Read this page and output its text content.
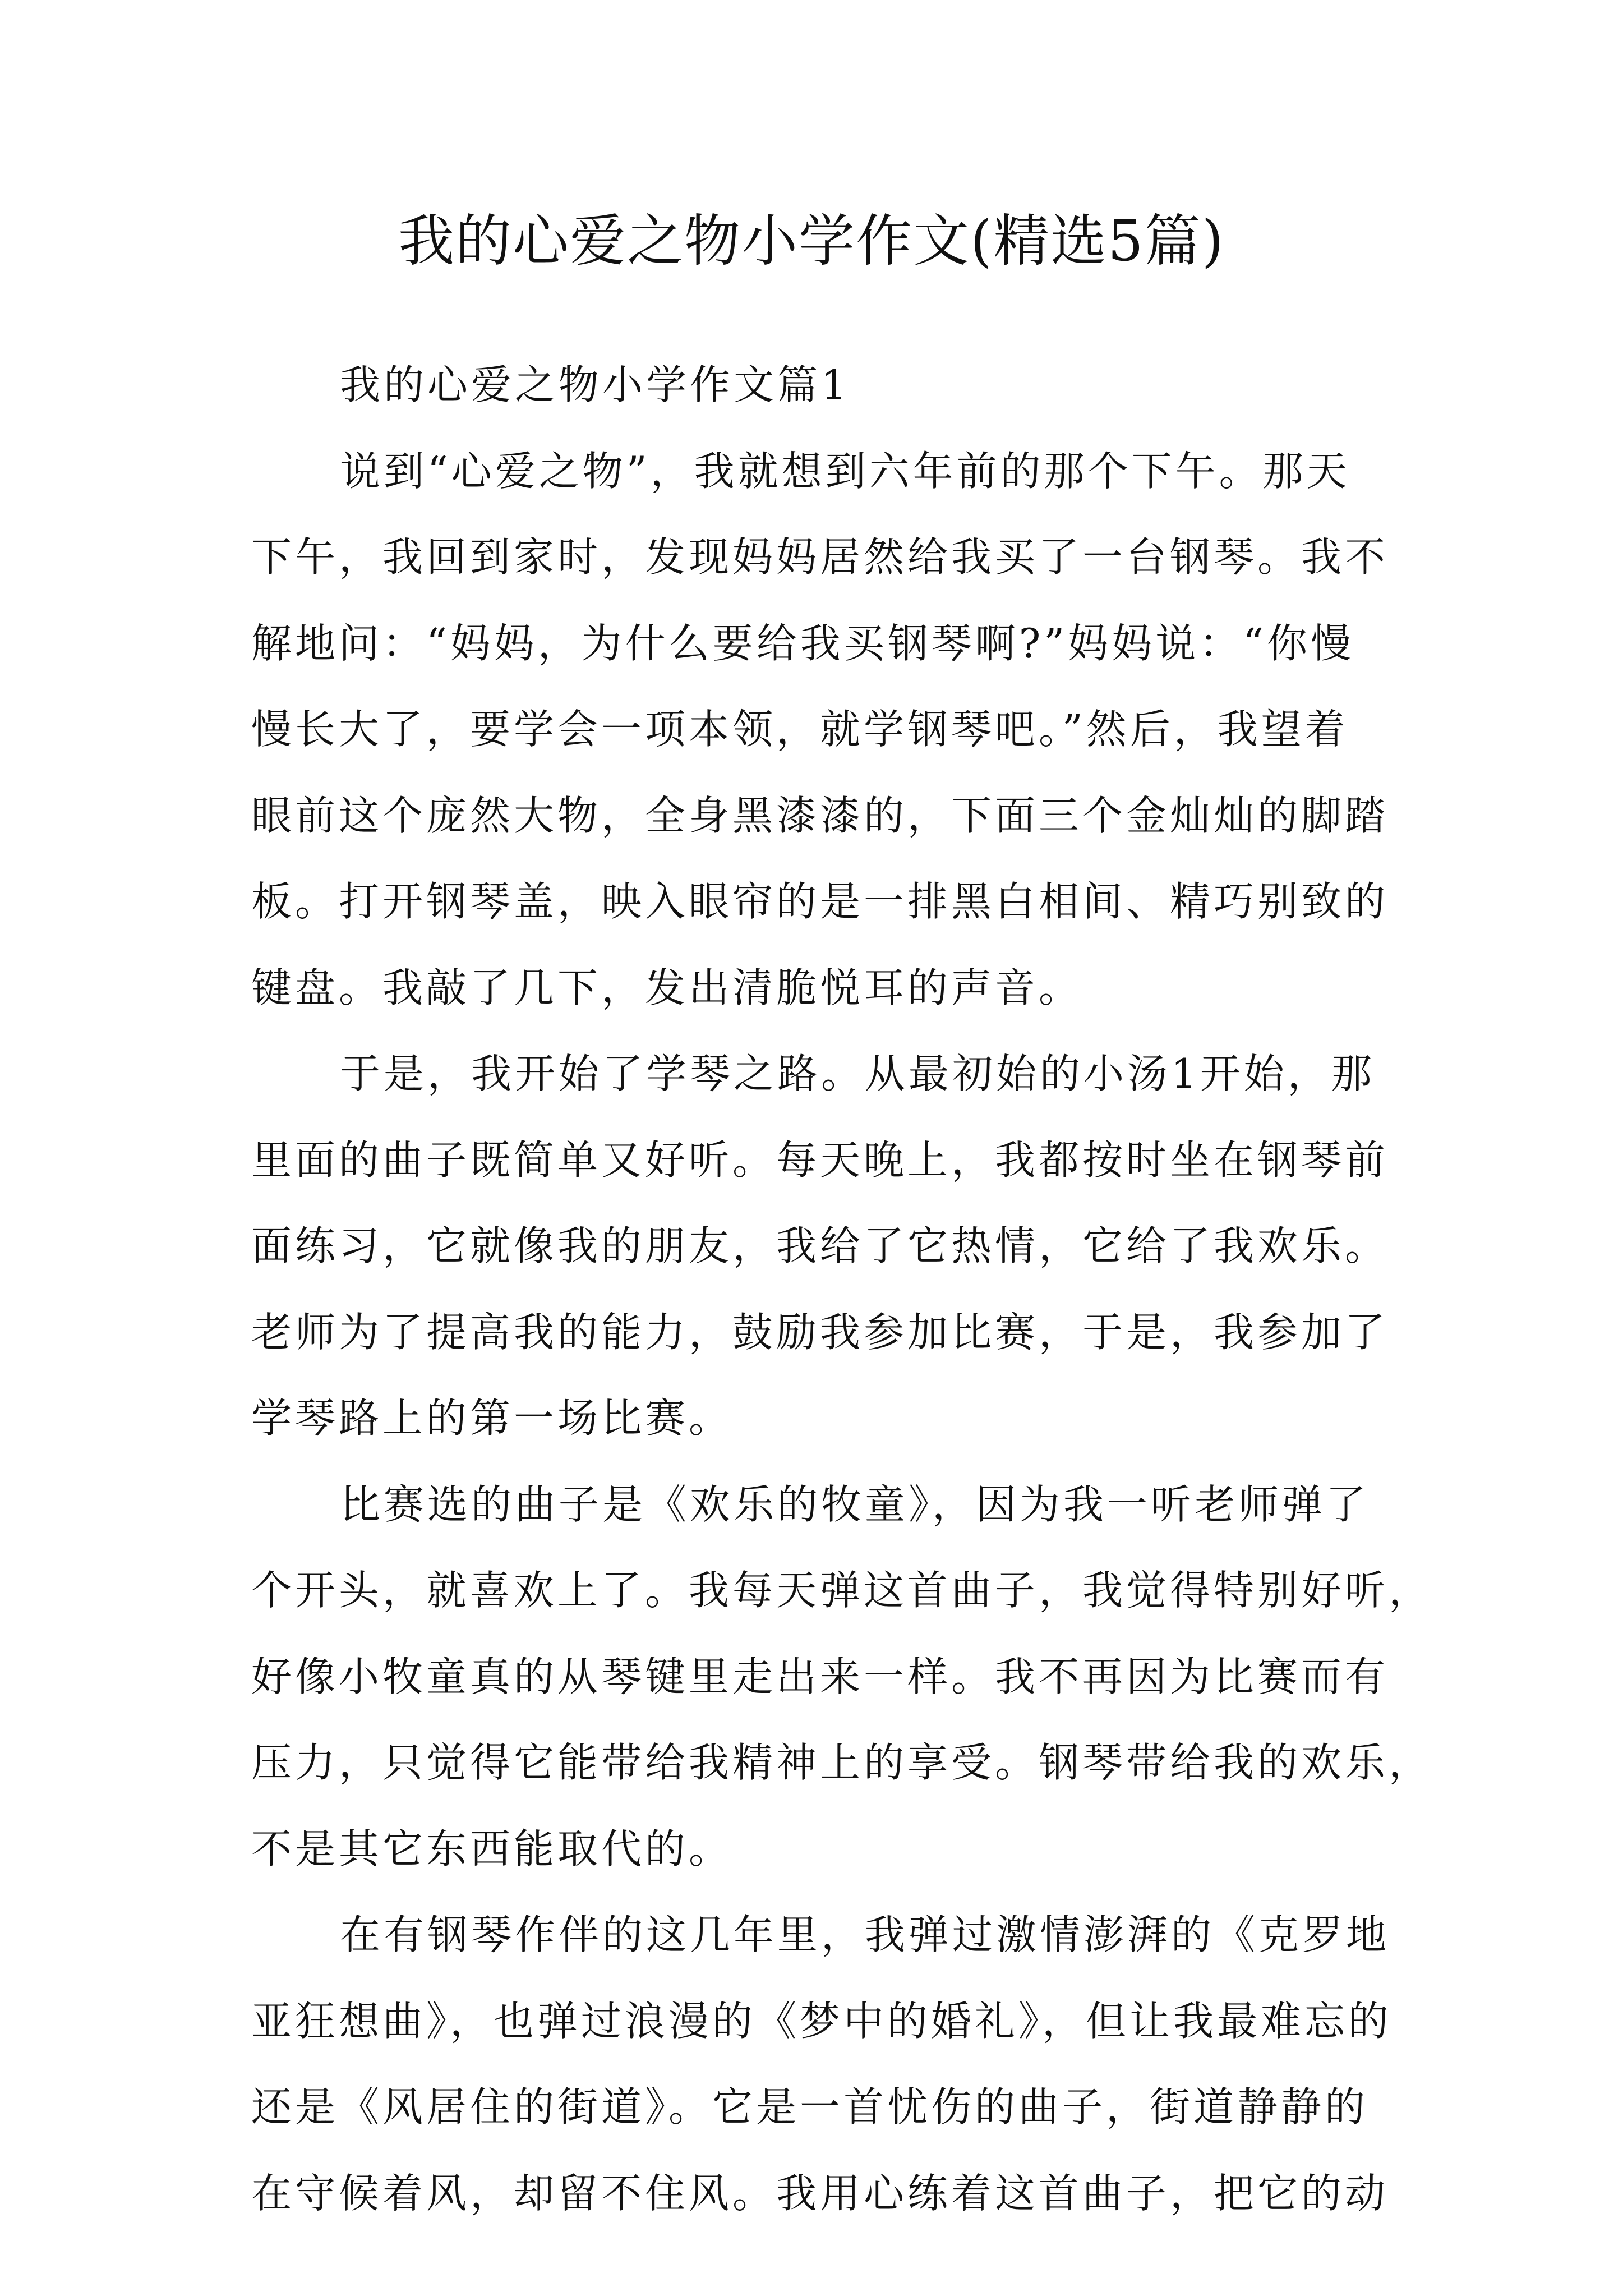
我的心爱之物小学作文(精选5篇)
我的心爱之物小学作文篇1
说到“心爱之物”，我就想到六年前的那个下午。那天
下午，我回到家时，发现妈妈居然给我买了一台钢琴。我不
解地问：“妈妈，为什么要给我买钢琴啊?”妈妈说：“你慢
慢长大了，要学会一项本领，就学钢琴吧。”然后，我望着
眼前这个庞然大物，全身黑漆漆的，下面三个金灿灿的脚踏
板。打开钢琴盖，映入眼帘的是一排黑白相间、精巧别致的
键盘。我敲了几下，发出清脆悦耳的声音。
于是，我开始了学琴之路。从最初始的小汤1开始，那
里面的曲子既简单又好听。每天晚上，我都按时坐在钢琴前
面练习，它就像我的朋友，我给了它热情，它给了我欢乐。
老师为了提高我的能力，鼓励我参加比赛，于是，我参加了
学琴路上的第一场比赛。
比赛选的曲子是《欢乐的牧童》，因为我一听老师弹了
个开头，就喜欢上了。我每天弹这首曲子，我觉得特别好听，
好像小牧童真的从琴键里走出来一样。我不再因为比赛而有
压力，只觉得它能带给我精神上的享受。钢琴带给我的欢乐，
不是其它东西能取代的。
在有钢琴作伴的这几年里，我弹过激情澎湃的《克罗地
亚狂想曲》，也弹过浪漫的《梦中的婚礼》，但让我最难忘的
还是《风居住的街道》。它是一首忧伤的曲子，街道静静的
在守候着风，却留不住风。我用心练着这首曲子，把它的动
